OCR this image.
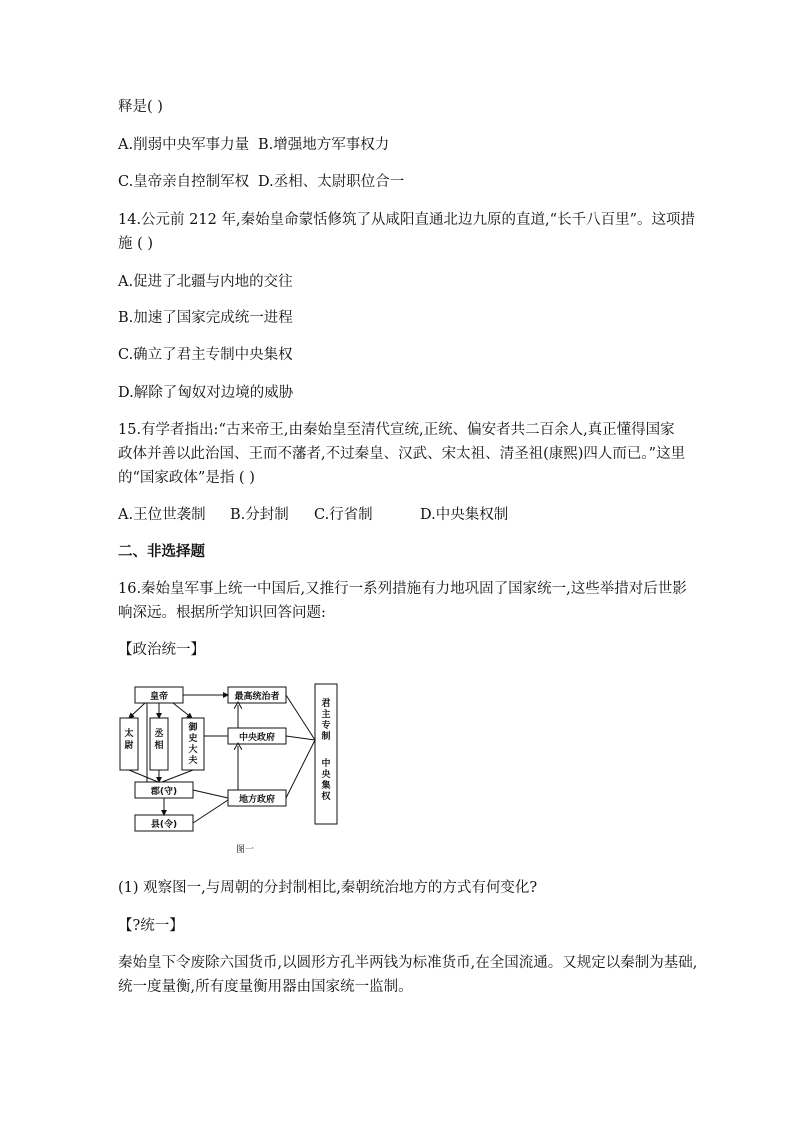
释是( )
A.削弱中央军事力量 B.增强地方军事权力
C.皇帝亲自控制军权 D.丞相、太尉职位合一
14.公元前 212 年,秦始皇命蒙恬修筑了从咸阳直通北边九原的直道,“长千八百里”。这项措
施 ( )
A.促进了北疆与内地的交往
B.加速了国家完成统一进程
C.确立了君主专制中央集权
D.解除了匈奴对边境的威胁
15.有学者指出:“古来帝王,由秦始皇至清代宣统,正统、偏安者共二百余人,真正懂得国家
政体并善以此治国、王而不藩者,不过秦皇、汉武、宋太祖、清圣祖(康熙)四人而已。”这里
的“国家政体”是指 ( )
A.王位世袭制 B.分封制 C.行省制	D.中央集权制
二、非选择题
16.秦始皇军事上统一中国后,又推行一系列措施有力地巩固了国家统一,这些举措对后世影
响深远。根据所学知识回答问题:
【政治统一】
皇帝
太
尉
丞
相
御
史
大
夫
郡(守)
县(令)
最高统治者
中央政府
地方政府
君
主
专
制
中
央
集
权
图一
(1) 观察图一,与周朝的分封制相比,秦朝统治地方的方式有何变化?
【?统一】
秦始皇下令废除六国货币,以圆形方孔半两钱为标准货币,在全国流通。又规定以秦制为基础,
统一度量衡,所有度量衡用器由国家统一监制。
